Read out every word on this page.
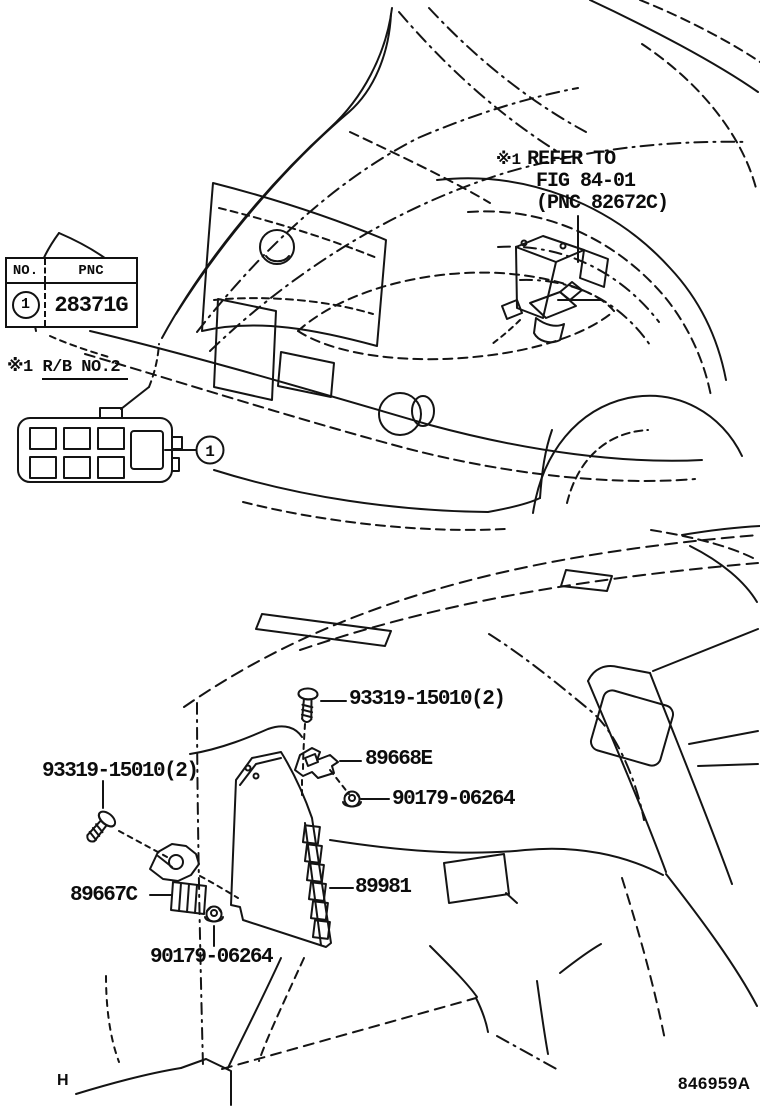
1
NO.	PNC
1	28371G
※1 R/B NO.2
※1 REFER TO
FIG 84-01
(PNC 82672C)
93319-15010(2)
89668E
90179-06264
89981
93319-15010(2)
89667C
90179-06264
H	846959A
